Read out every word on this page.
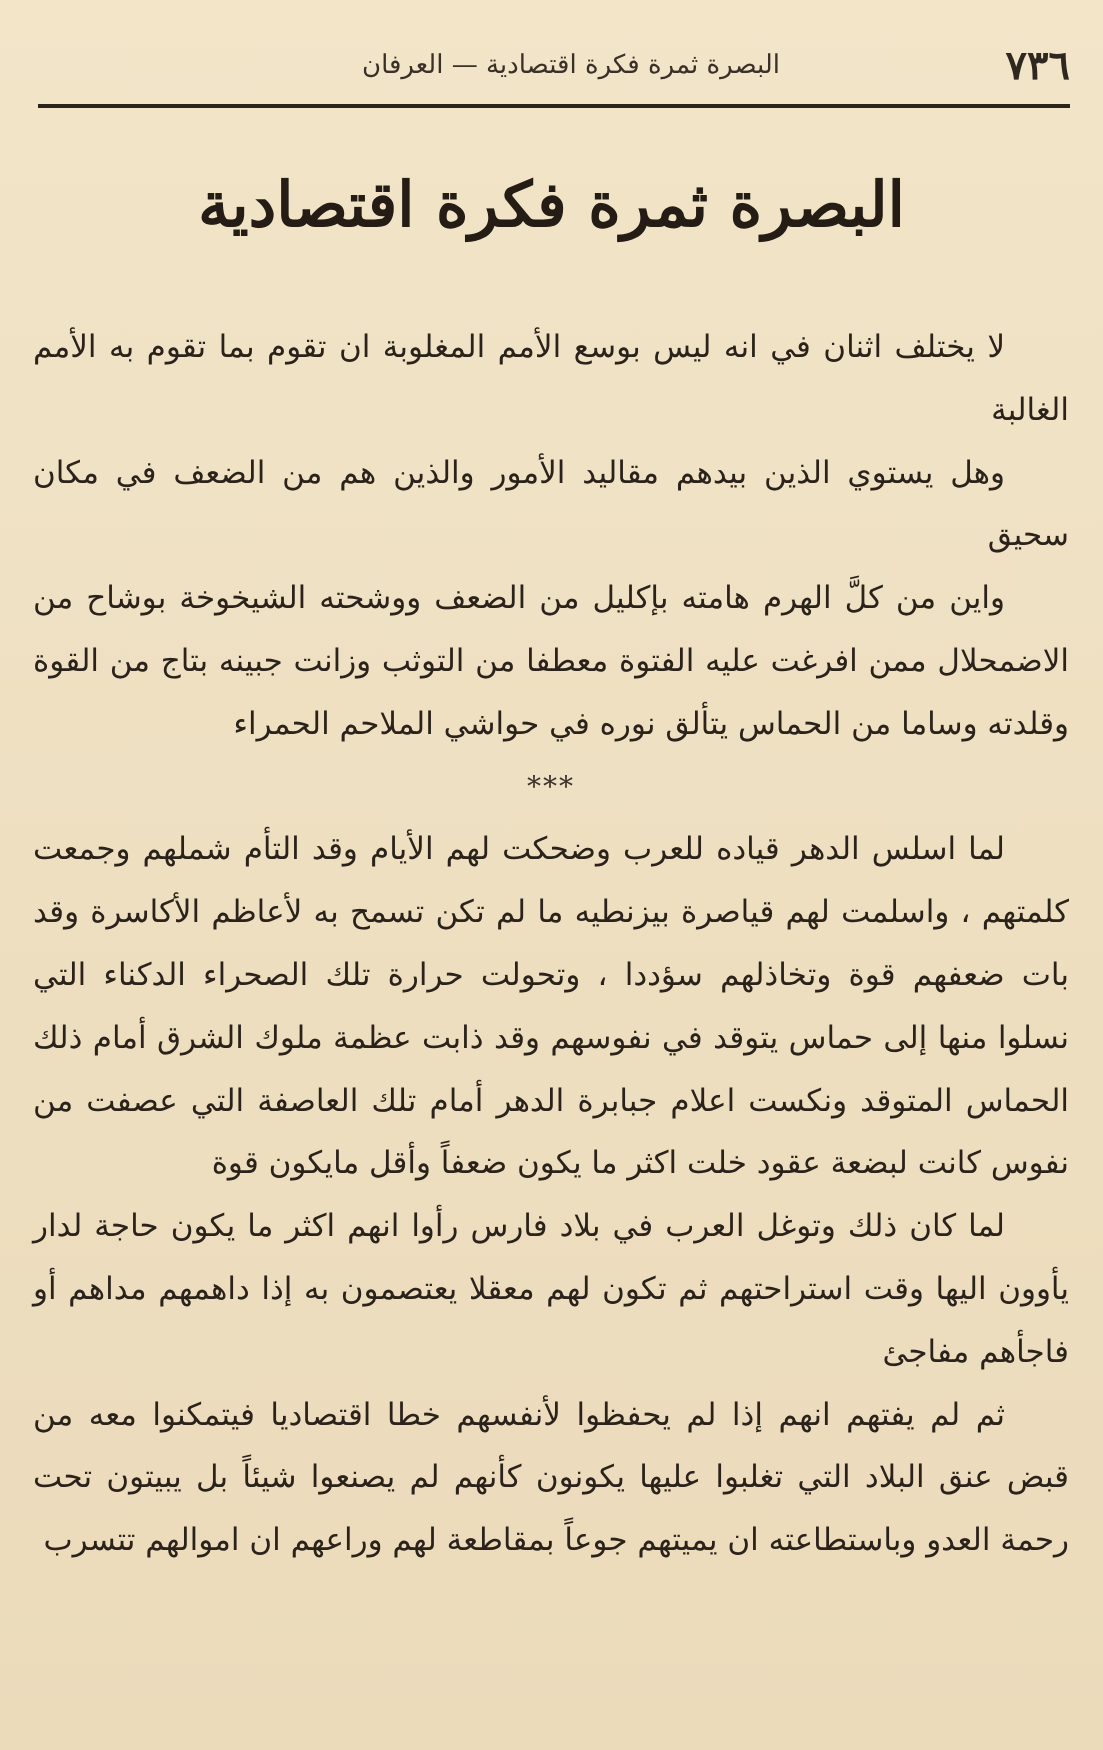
٧٣٦
البصرة ثمرة فكرة اقتصادية — العرفان
البصرة ثمرة فكرة اقتصادية

لا يختلف اثنان في انه ليس بوسع الأمم المغلوبة ان تقوم بما تقوم به الأمم الغالبة

وهل يستوي الذين بيدهم مقاليد الأمور والذين هم من الضعف في مكان سحيق

واين من كلَّ الهرم هامته بإكليل من الضعف ووشحته الشيخوخة بوشاح من الاضمحلال ممن افرغت عليه الفتوة معطفا من التوثب وزانت جبينه بتاج من القوة وقلدته وساما من الحماس يتألق نوره في حواشي الملاحم الحمراء

*‎**

لما اسلس الدهر قياده للعرب وضحكت لهم الأيام وقد التأم شملهم وجمعت كلمتهم ، واسلمت لهم قياصرة بيزنطيه ما لم تكن تسمح به لأعاظم الأكاسرة وقد بات ضعفهم قوة وتخاذلهم سؤددا ، وتحولت حرارة تلك الصحراء الدكناء التي نسلوا منها إلى حماس يتوقد في نفوسهم وقد ذابت عظمة ملوك الشرق أمام ذلك الحماس المتوقد ونكست اعلام جبابرة الدهر أمام تلك العاصفة التي عصفت من نفوس كانت لبضعة عقود خلت اكثر ما يكون ضعفاً وأقل مايكون قوة

لما كان ذلك وتوغل العرب في بلاد فارس رأوا انهم اكثر ما يكون حاجة لدار يأوون اليها وقت استراحتهم ثم تكون لهم معقلا يعتصمون به إذا داهمهم مداهم أو فاجأهم مفاجئ

ثم لم يفتهم انهم إذا لم يحفظوا لأنفسهم خطا اقتصاديا فيتمكنوا معه من قبض عنق البلاد التي تغلبوا عليها يكونون كأنهم لم يصنعوا شيئاً بل يبيتون تحت رحمة العدو وباستطاعته ان يميتهم جوعاً بمقاطعة لهم وراعهم ان اموالهم تتسرب
